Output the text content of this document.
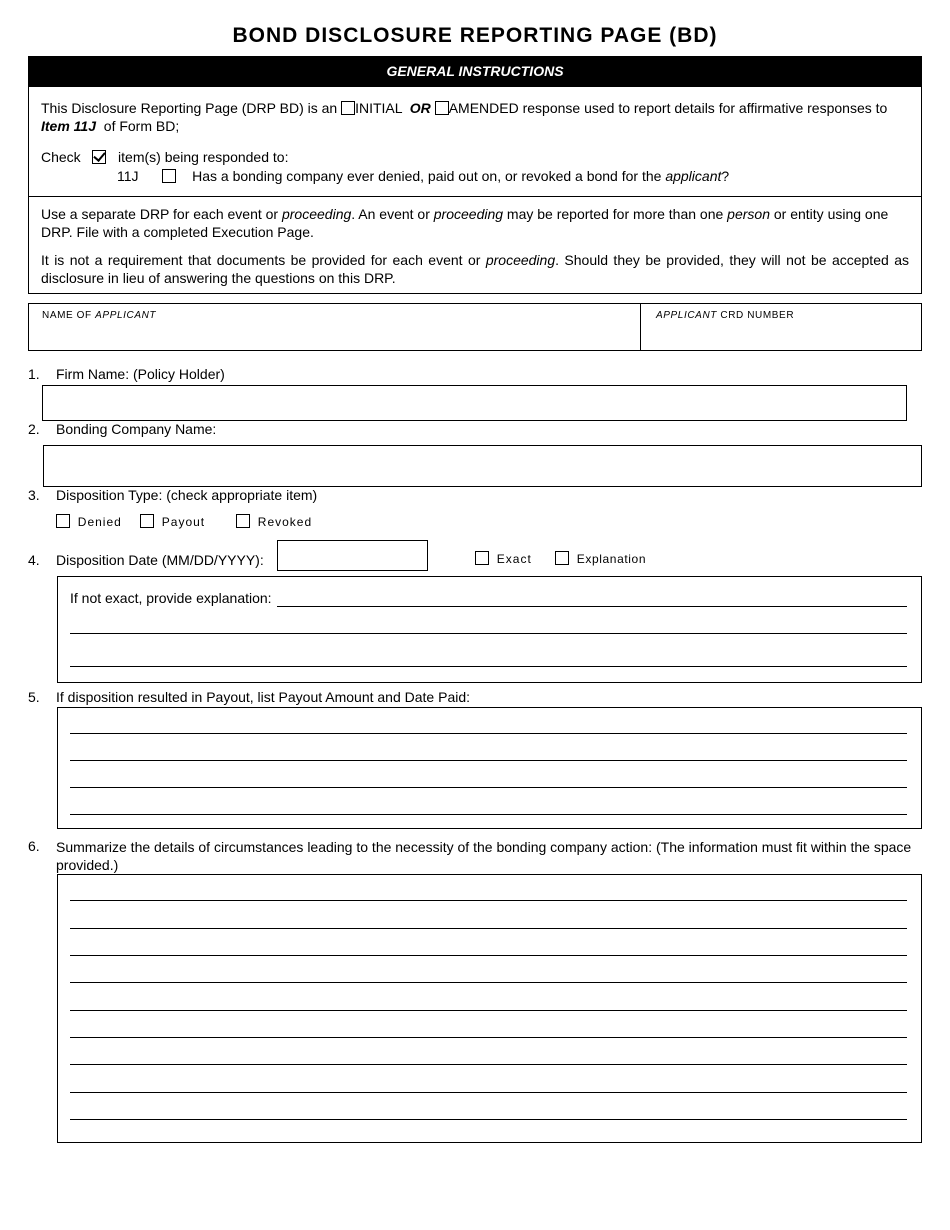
BOND DISCLOSURE REPORTING PAGE (BD)
GENERAL INSTRUCTIONS
This Disclosure Reporting Page (DRP BD) is an INITIAL OR AMENDED response used to report details for affirmative responses to
Item 11J of Form BD;
Check	item(s) being responded to:
11J	Has a bonding company ever denied, paid out on, or revoked a bond for the applicant?
Use a separate DRP for each event or proceeding. An event or proceeding may be reported for more than one person or entity using one DRP. File with a completed Execution Page.
It is not a requirement that documents be provided for each event or proceeding. Should they be provided, they will not be accepted as disclosure in lieu of answering the questions on this DRP.
NAME OF APPLICANT	APPLICANT CRD NUMBER
1. Firm Name: (Policy Holder)
2. Bonding Company Name:
3. Disposition Type: (check appropriate item)
Denied	Payout	Revoked
4. Disposition Date (MM/DD/YYYY):	Exact	Explanation
If not exact, provide explanation:
5. If disposition resulted in Payout, list Payout Amount and Date Paid:
6. Summarize the details of circumstances leading to the necessity of the bonding company action: (The information must fit within the space provided.)
